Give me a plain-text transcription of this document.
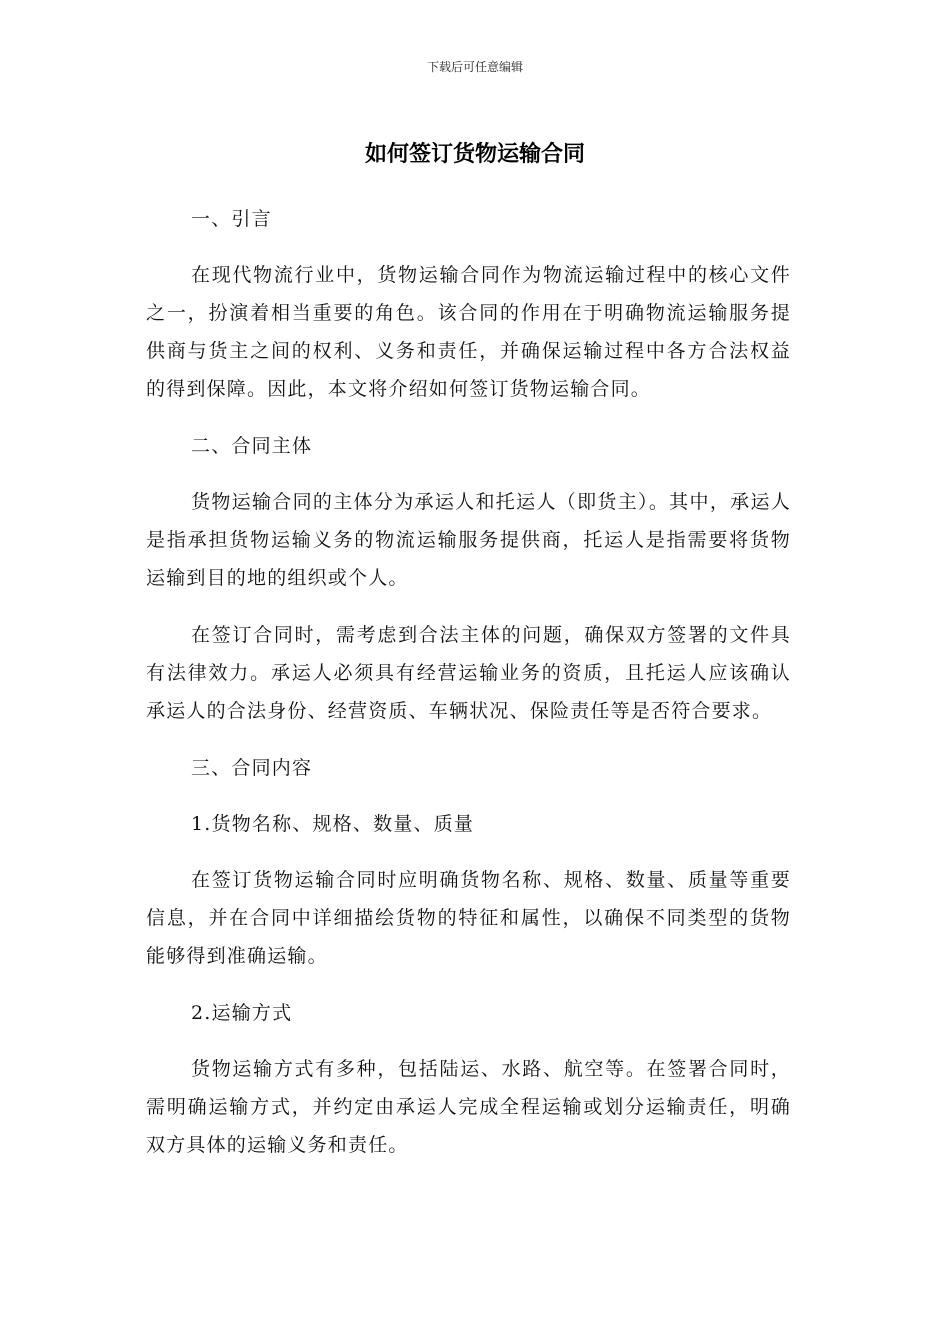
下载后可任意编辑
如何签订货物运输合同

一、引言

在现代物流行业中，货物运输合同作为物流运输过程中的核心文件之一，扮演着相当重要的角色。该合同的作用在于明确物流运输服务提供商与货主之间的权利、义务和责任，并确保运输过程中各方合法权益的得到保障。因此，本文将介绍如何签订货物运输合同。

二、合同主体

货物运输合同的主体分为承运人和托运人（即货主）。其中，承运人是指承担货物运输义务的物流运输服务提供商，托运人是指需要将货物运输到目的地的组织或个人。

在签订合同时，需考虑到合法主体的问题，确保双方签署的文件具有法律效力。承运人必须具有经营运输业务的资质，且托运人应该确认承运人的合法身份、经营资质、车辆状况、保险责任等是否符合要求。

三、合同内容

1.货物名称、规格、数量、质量

在签订货物运输合同时应明确货物名称、规格、数量、质量等重要信息，并在合同中详细描绘货物的特征和属性，以确保不同类型的货物能够得到准确运输。

2.运输方式

货物运输方式有多种，包括陆运、水路、航空等。在签署合同时，需明确运输方式，并约定由承运人完成全程运输或划分运输责任，明确双方具体的运输义务和责任。
